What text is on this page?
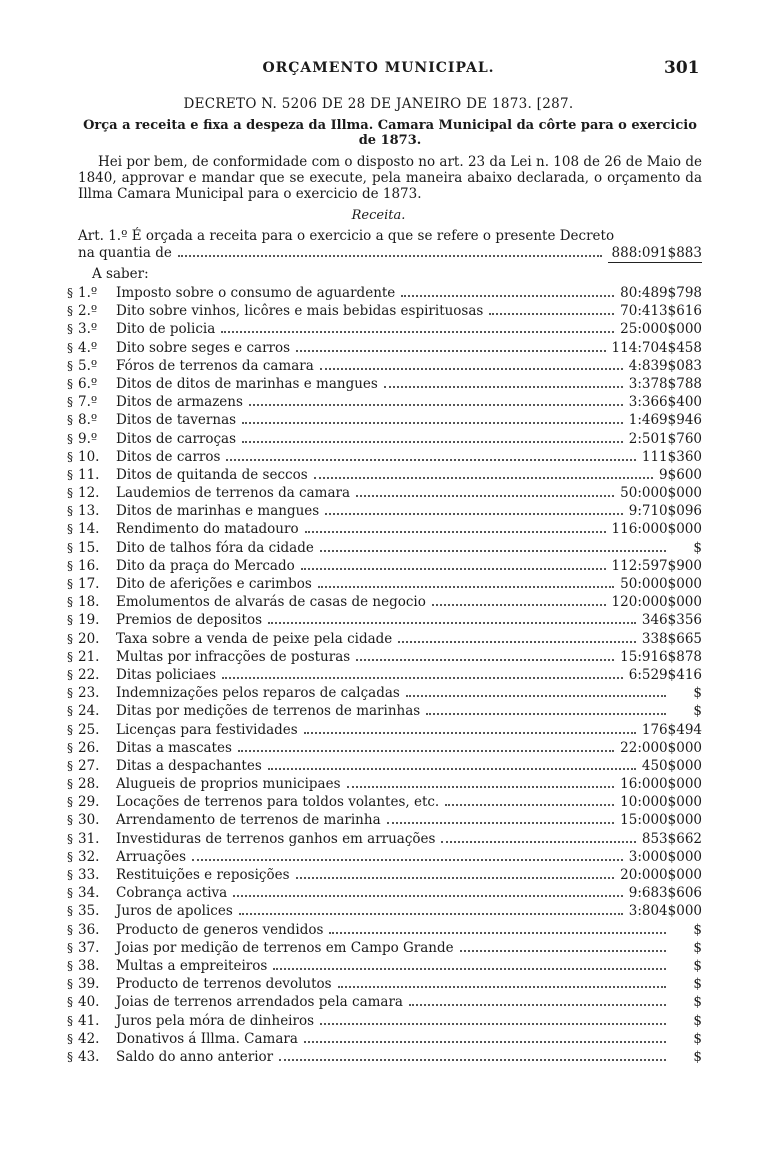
ORÇAMENTO MUNICIPAL.	301
DECRETO N. 5206 DE 28 DE JANEIRO DE 1873. [287.
Orça a receita e fixa a despeza da Illma. Camara Municipal da côrte para o exercicio de 1873.
Hei por bem, de conformidade com o disposto no art. 23 da Lei n. 108 de 26 de Maio de 1840, approvar e mandar que se execute, pela maneira abaixo declarada, o orçamento da Illma Camara Municipal para o exercicio de 1873.
Receita.
Art. 1.º É orçada a receita para o exercicio a que se refere o presente Decreto
na quantia de	888:091$883
A saber:
§ 1.º	Imposto sobre o consumo de aguardente	80:489$798
§ 2.º	Dito sobre vinhos, licôres e mais bebidas espirituosas	70:413$616
§ 3.º	Dito de policia	25:000$000
§ 4.º	Dito sobre seges e carros	114:704$458
§ 5.º	Fóros de terrenos da camara	4:839$083
§ 6.º	Ditos de ditos de marinhas e mangues	3:378$788
§ 7.º	Ditos de armazens	3:366$400
§ 8.º	Ditos de tavernas	1:469$946
§ 9.º	Ditos de carroças	2:501$760
§ 10.	Ditos de carros	111$360
§ 11.	Ditos de quitanda de seccos	9$600
§ 12.	Laudemios de terrenos da camara	50:000$000
§ 13.	Ditos de marinhas e mangues	9:710$096
§ 14.	Rendimento do matadouro	116:000$000
§ 15.	Dito de talhos fóra da cidade	$
§ 16.	Dito da praça do Mercado	112:597$900
§ 17.	Dito de aferições e carimbos	50:000$000
§ 18.	Emolumentos de alvarás de casas de negocio	120:000$000
§ 19.	Premios de depositos	346$356
§ 20.	Taxa sobre a venda de peixe pela cidade	338$665
§ 21.	Multas por infracções de posturas	15:916$878
§ 22.	Ditas policiaes	6:529$416
§ 23.	Indemnizações pelos reparos de calçadas	$
§ 24.	Ditas por medições de terrenos de marinhas	$
§ 25.	Licenças para festividades	176$494
§ 26.	Ditas a mascates	22:000$000
§ 27.	Ditas a despachantes	450$000
§ 28.	Alugueis de proprios municipaes	16:000$000
§ 29.	Locações de terrenos para toldos volantes, etc.	10:000$000
§ 30.	Arrendamento de terrenos de marinha	15:000$000
§ 31.	Investiduras de terrenos ganhos em arruações	853$662
§ 32.	Arruações	3:000$000
§ 33.	Restituições e reposições	20:000$000
§ 34.	Cobrança activa	9:683$606
§ 35.	Juros de apolices	3:804$000
§ 36.	Producto de generos vendidos	$
§ 37.	Joias por medição de terrenos em Campo Grande	$
§ 38.	Multas a empreiteiros	$
§ 39.	Producto de terrenos devolutos	$
§ 40.	Joias de terrenos arrendados pela camara	$
§ 41.	Juros pela móra de dinheiros	$
§ 42.	Donativos á Illma. Camara	$
§ 43.	Saldo do anno anterior	$
